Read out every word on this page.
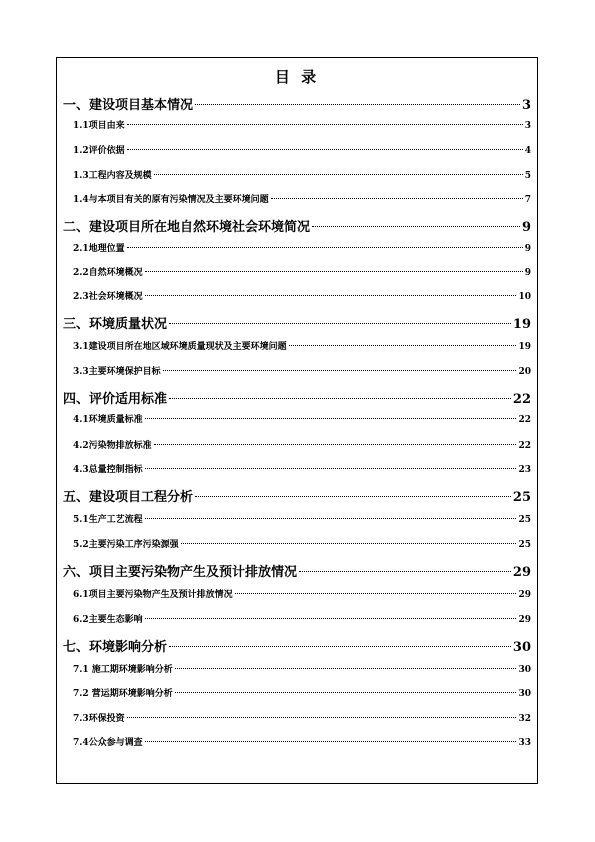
目 录
一、建设项目基本情况	3
1.1项目由来	3
1.2评价依据	4
1.3工程内容及规模	5
1.4与本项目有关的原有污染情况及主要环境问题	7
二、建设项目所在地自然环境社会环境简况	9
2.1地理位置	9
2.2自然环境概况	9
2.3社会环境概况	10
三、环境质量状况	19
3.1建设项目所在地区域环境质量现状及主要环境问题	19
3.3主要环境保护目标	20
四、评价适用标准	22
4.1环境质量标准	22
4.2污染物排放标准	22
4.3总量控制指标	23
五、建设项目工程分析	25
5.1生产工艺流程	25
5.2主要污染工序污染源强	25
六、项目主要污染物产生及预计排放情况	29
6.1项目主要污染物产生及预计排放情况	29
6.2主要生态影响	29
七、环境影响分析	30
7.1 施工期环境影响分析	30
7.2 营运期环境影响分析	30
7.3环保投资	32
7.4公众参与调查	33
